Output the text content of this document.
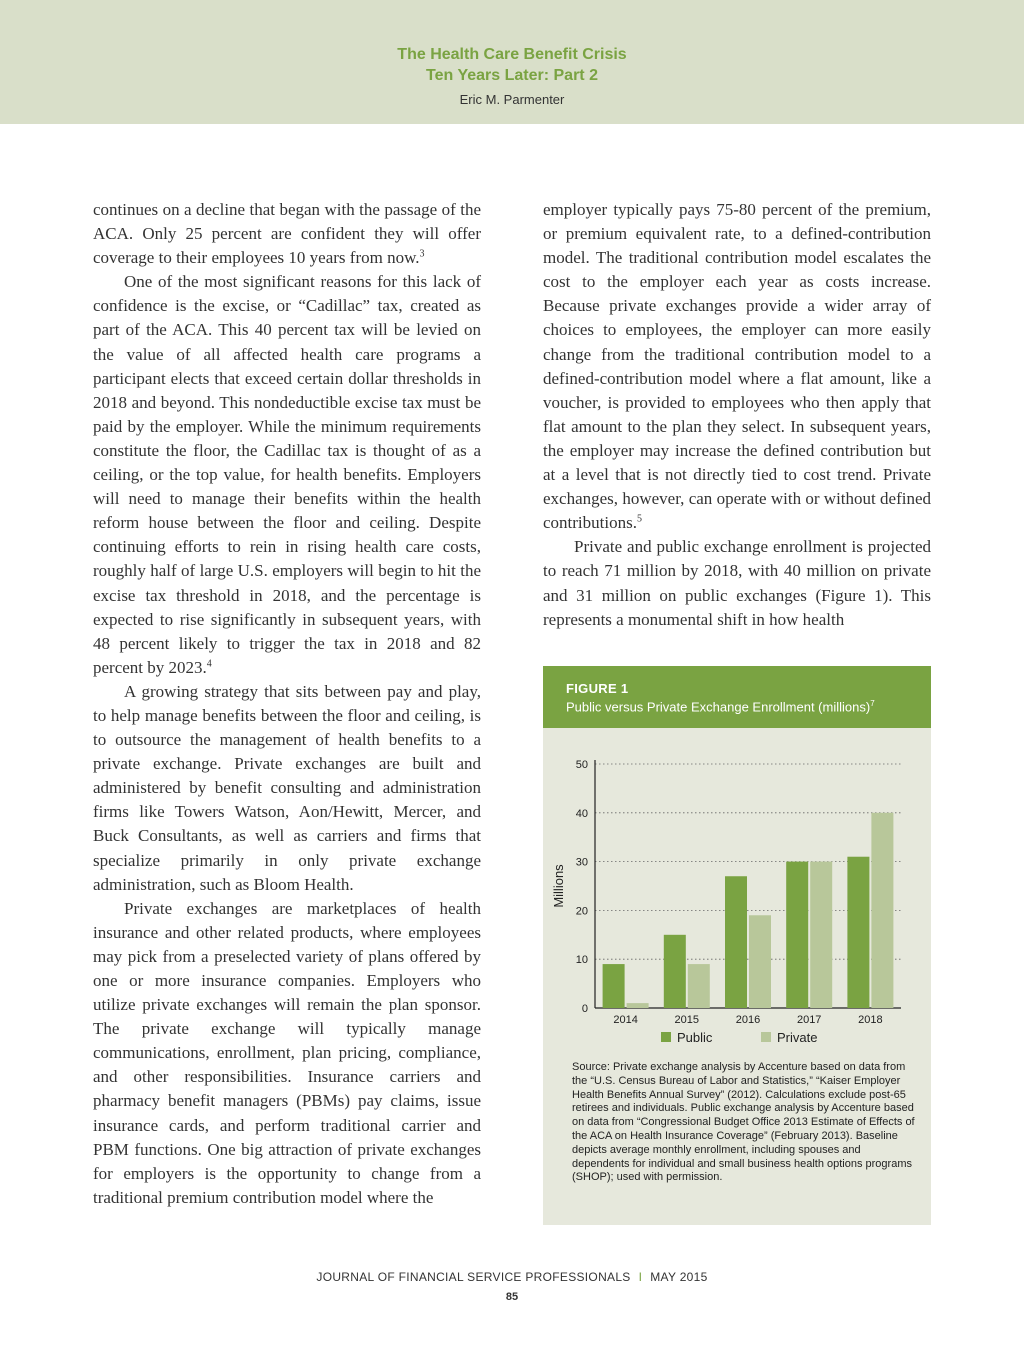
The Health Care Benefit Crisis
Ten Years Later: Part 2
Eric M. Parmenter

continues on a decline that began with the passage of the ACA. Only 25 percent are confident they will offer coverage to their employees 10 years from now.$^3$

One of the most significant reasons for this lack of confidence is the excise, or “Cadillac” tax, created as part of the ACA. This 40 percent tax will be levied on the value of all affected health care programs a participant elects that exceed certain dollar thresholds in 2018 and beyond. This nondeductible excise tax must be paid by the employer. While the minimum requirements constitute the floor, the Cadillac tax is thought of as a ceiling, or the top value, for health benefits. Employers will need to manage their benefits within the health reform house between the floor and ceiling. Despite continuing efforts to rein in rising health care costs, roughly half of large U.S. employers will begin to hit the excise tax threshold in 2018, and the percentage is expected to rise significantly in subsequent years, with 48 percent likely to trigger the tax in 2018 and 82 percent by 2023.$^4$

A growing strategy that sits between pay and play, to help manage benefits between the floor and ceiling, is to outsource the management of health benefits to a private exchange. Private exchanges are built and administered by benefit consulting and administration firms like Towers Watson, Aon/Hewitt, Mercer, and Buck Consultants, as well as carriers and firms that specialize primarily in only private exchange administration, such as Bloom Health.

Private exchanges are marketplaces of health insurance and other related products, where employees may pick from a preselected variety of plans offered by one or more insurance companies. Employers who utilize private exchanges will remain the plan sponsor. The private exchange will typically manage communications, enrollment, plan pricing, compliance, and other responsibilities. Insurance carriers and pharmacy benefit managers (PBMs) pay claims, issue insurance cards, and perform traditional carrier and PBM functions. One big attraction of private exchanges for employers is the opportunity to change from a traditional premium contribution model where the

employer typically pays 75-80 percent of the premium, or premium equivalent rate, to a defined-contribution model. The traditional contribution model escalates the cost to the employer each year as costs increase. Because private exchanges provide a wider array of choices to employees, the employer can more easily change from the traditional contribution model to a defined-contribution model where a flat amount, like a voucher, is provided to employees who then apply that flat amount to the plan they select. In subsequent years, the employer may increase the defined contribution but at a level that is not directly tied to cost trend. Private exchanges, however, can operate with or without defined contributions.$^5$

Private and public exchange enrollment is projected to reach 71 million by 2018, with 40 million on private and 31 million on public exchanges (Figure 1). This represents a monumental shift in how health

FIGURE 1
Public versus Private Exchange Enrollment (millions)$^7$
0
10
20
30
40
50
Millions
2014	2015	2016	2017	2018
Public	Private
Source: Private exchange analysis by Accenture based on data from the “U.S. Census Bureau of Labor and Statistics,” “Kaiser Employer Health Benefits Annual Survey” (2012). Calculations exclude post-65 retirees and individuals. Public exchange analysis by Accenture based on data from “Congressional Budget Office 2013 Estimate of Effects of the ACA on Health Insurance Coverage” (February 2013). Baseline depicts average monthly enrollment, including spouses and dependents for individual and small business health options programs (SHOP); used with permission.
JOURNAL OF FINANCIAL SERVICE PROFESSIONALS I MAY 2015
85
